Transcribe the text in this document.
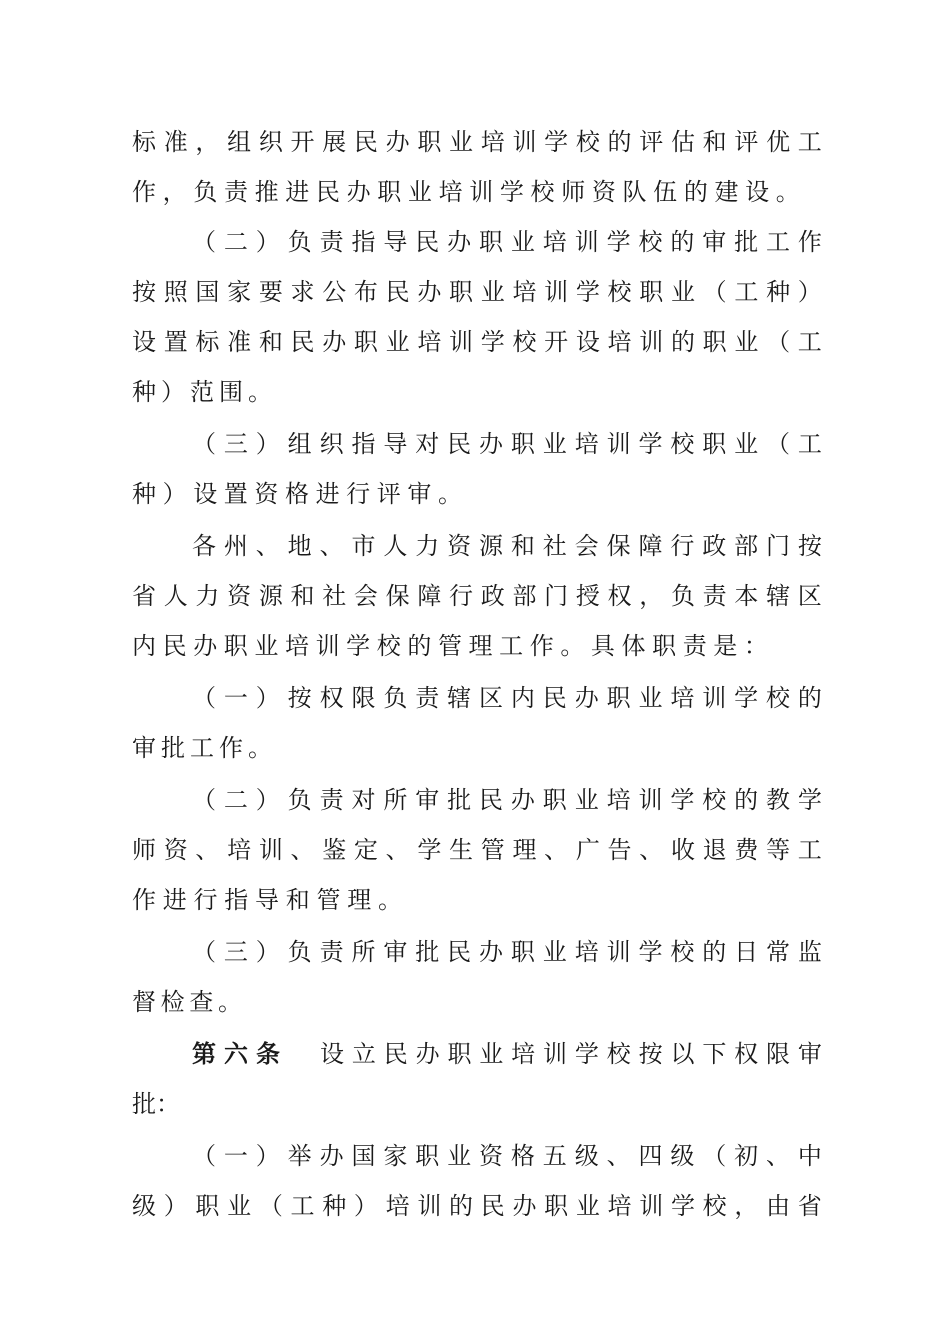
标 准 ， 组 织 开 展 民 办 职 业 培 训 学 校 的 评 估 和 评 优 工
作 ， 负 责 推 进 民 办 职 业 培 训 学 校 师 资 队 伍 的 建 设 。
（ 二 ） 负 责 指 导 民 办 职 业 培 训 学 校 的 审 批 工 作
按 照 国 家 要 求 公 布 民 办 职 业 培 训 学 校 职 业 （ 工 种 ）
设 置 标 准 和 民 办 职 业 培 训 学 校 开 设 培 训 的 职 业 （ 工
种 ） 范 围 。
（ 三 ） 组 织 指 导 对 民 办 职 业 培 训 学 校 职 业 （ 工
种 ） 设 置 资 格 进 行 评 审 。
各 州 、 地 、 市 人 力 资 源 和 社 会 保 障 行 政 部 门 按
省 人 力 资 源 和 社 会 保 障 行 政 部 门 授 权 ， 负 责 本 辖 区
内 民 办 职 业 培 训 学 校 的 管 理 工 作 。 具 体 职 责 是 ：
（ 一 ） 按 权 限 负 责 辖 区 内 民 办 职 业 培 训 学 校 的
审 批 工 作 。
（ 二 ） 负 责 对 所 审 批 民 办 职 业 培 训 学 校 的 教 学
师 资 、 培 训 、 鉴 定 、 学 生 管 理 、 广 告 、 收 退 费 等 工
作 进 行 指 导 和 管 理 。
（ 三 ） 负 责 所 审 批 民 办 职 业 培 训 学 校 的 日 常 监
督 检 查 。
第 六 条 设 立 民 办 职 业 培 训 学 校 按 以 下 权 限 审
批 ：
（ 一 ） 举 办 国 家 职 业 资 格 五 级 、 四 级 （ 初 、 中
级 ） 职 业 （ 工 种 ） 培 训 的 民 办 职 业 培 训 学 校 ， 由 省
